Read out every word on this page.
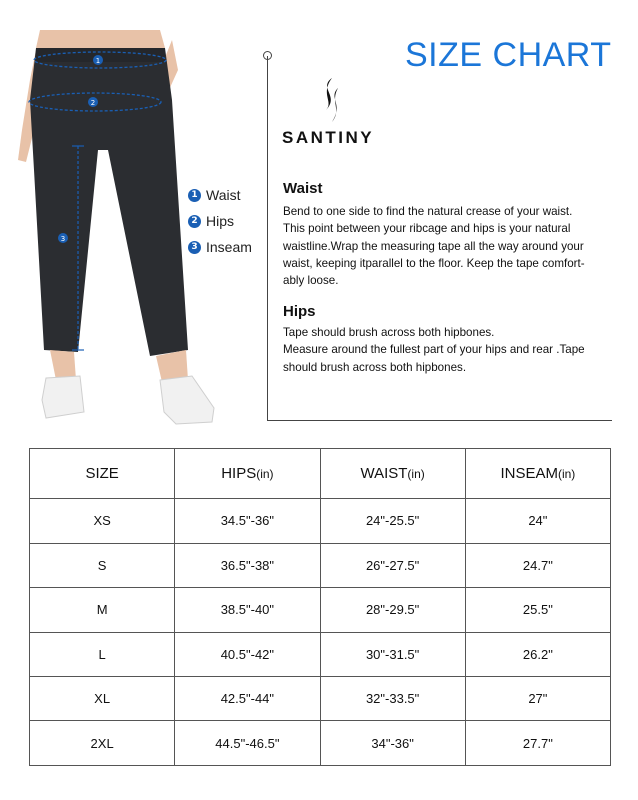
1
2
3
1 Waist
2 Hips
3 Inseam
SIZE CHART
SANTINY
Waist
Bend to one side to find the natural crease of your waist.
This point between your ribcage and hips is your natural
waistline.Wrap the measuring tape all the way around your
waist, keeping itparallel to the floor. Keep the tape comfort-
ably loose.
Hips
Tape should brush across both hipbones.
Measure around the fullest part of your hips and rear .Tape
should brush across both hipbones.
SIZE	HIPS(in)	WAIST(in)	INSEAM(in)
XS	34.5"-36"	24"-25.5"	24"
S	36.5"-38"	26"-27.5"	24.7"
M	38.5"-40"	28"-29.5"	25.5"
L	40.5"-42"	30"-31.5"	26.2"
XL	42.5"-44"	32"-33.5"	27"
2XL	44.5"-46.5"	34"-36"	27.7"
